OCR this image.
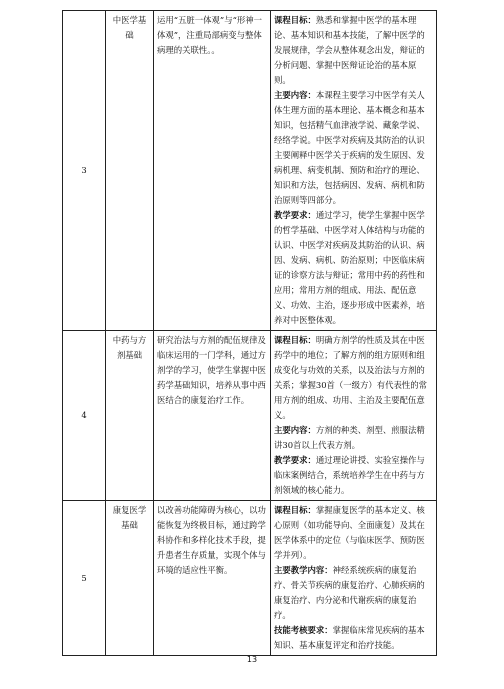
3	中医学基础	运用“五脏一体观”与“形神一体观”，注重局部病变与整体病理的关联性。。	课程目标：熟悉和掌握中医学的基本理论、基本知识和基本技能，了解中医学的发展规律，学会从整体观念出发，辩证的分析问题、掌握中医辩证论治的基本原则。
主要内容：本课程主要学习中医学有关人体生理方面的基本理论、基本概念和基本知识，包括精气血津液学说、藏象学说、经络学说。中医学对疾病及其防治的认识主要阐释中医学关于疾病的发生原因、发病机理、病变机制、预防和治疗的理论、知识和方法，包括病因、发病、病机和防治原则等四部分。
教学要求：通过学习，使学生掌握中医学的哲学基础、中医学对人体结构与功能的认识、中医学对疾病及其防治的认识、病因、发病、病机、防治原则；中医临床病证的诊察方法与辩证；常用中药的药性和应用；常用方剂的组成、用法、配伍意义、功效、主治，逐步形成中医素养，培养对中医整体观。

4	中药与方剂基础	研究治法与方剂的配伍规律及临床运用的一门学科，通过方剂学的学习，使学生掌握中医药学基础知识，培养从事中西医结合的康复治疗工作。	课程目标：明确方剂学的性质及其在中医药学中的地位；了解方剂的组方原则和组成变化与功效的关系，以及治法与方剂的关系；掌握30首（一级方）有代表性的常用方剂的组成、功用、主治及主要配伍意义。
主要内容：方剂的种类、剂型、煎服法精讲30首以上代表方剂。
教学要求：通过理论讲授、实验室操作与临床案例结合，系统培养学生在中药与方剂领域的核心能力。

5	康复医学基础	以改善功能障碍为核心，以功能恢复为终极目标，通过跨学科协作和多样化技术手段，提升患者生存质量，实现个体与环境的适应性平衡。	课程目标：掌握康复医学的基本定义、核心原则（如功能导向、全面康复）及其在医学体系中的定位（与临床医学、预防医学并列）。
主要教学内容：神经系统疾病的康复治疗、骨关节疾病的康复治疗、心肺疾病的康复治疗、内分泌和代谢疾病的康复治疗。
技能考核要求：掌握临床常见疾病的基本知识、基本康复评定和治疗技能。
13
